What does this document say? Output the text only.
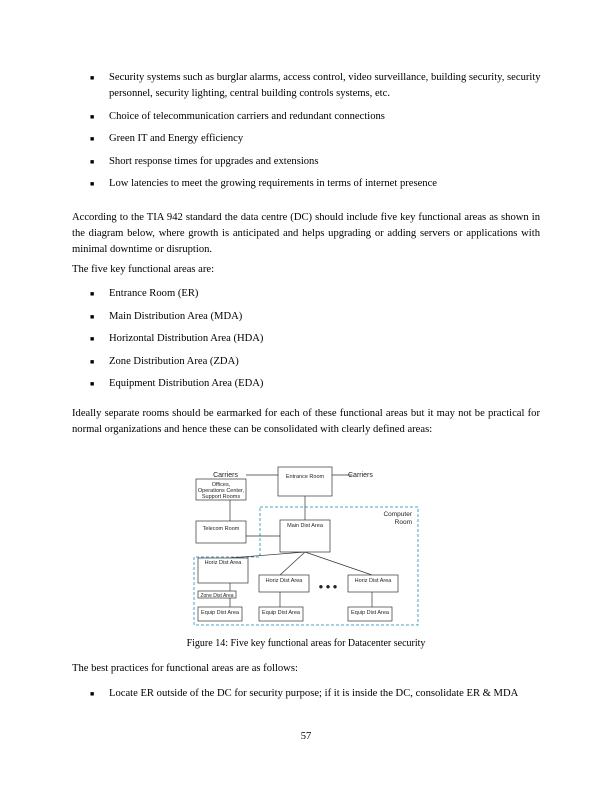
■ Security systems such as burglar alarms, access control, video surveillance, building security, security personnel, security lighting, central building controls systems, etc.
■ Choice of telecommunication carriers and redundant connections
■ Green IT and Energy efficiency
■ Short response times for upgrades and extensions
■ Low latencies to meet the growing requirements in terms of internet presence

According to the TIA 942 standard the data centre (DC) should include five key functional areas as shown in the diagram below, where growth is anticipated and helps upgrading or adding servers or applications with minimal downtime or disruption.

The five key functional areas are:

■ Entrance Room (ER)
■ Main Distribution Area (MDA)
■ Horizontal Distribution Area (HDA)
■ Zone Distribution Area (ZDA)
■ Equipment Distribution Area (EDA)

Ideally separate rooms should be earmarked for each of these functional areas but it may not be practical for normal organizations and hence these can be consolidated with clearly defined areas:

Carriers	Carriers
Entrance Room
Offices,
Operations Center,
Support Rooms
Computer
Room
Telecom Room	Main Dist Area
Horiz Dist Area
Zone Dist Area
Horiz Dist Area	Horiz Dist Area
Equip Dist Area	Equip Dist Area	Equip Dist Area
● ● ●
Figure 14: Five key functional areas for Datacenter security

The best practices for functional areas are as follows:

■ Locate ER outside of the DC for security purpose; if it is inside the DC, consolidate ER & MDA
57
